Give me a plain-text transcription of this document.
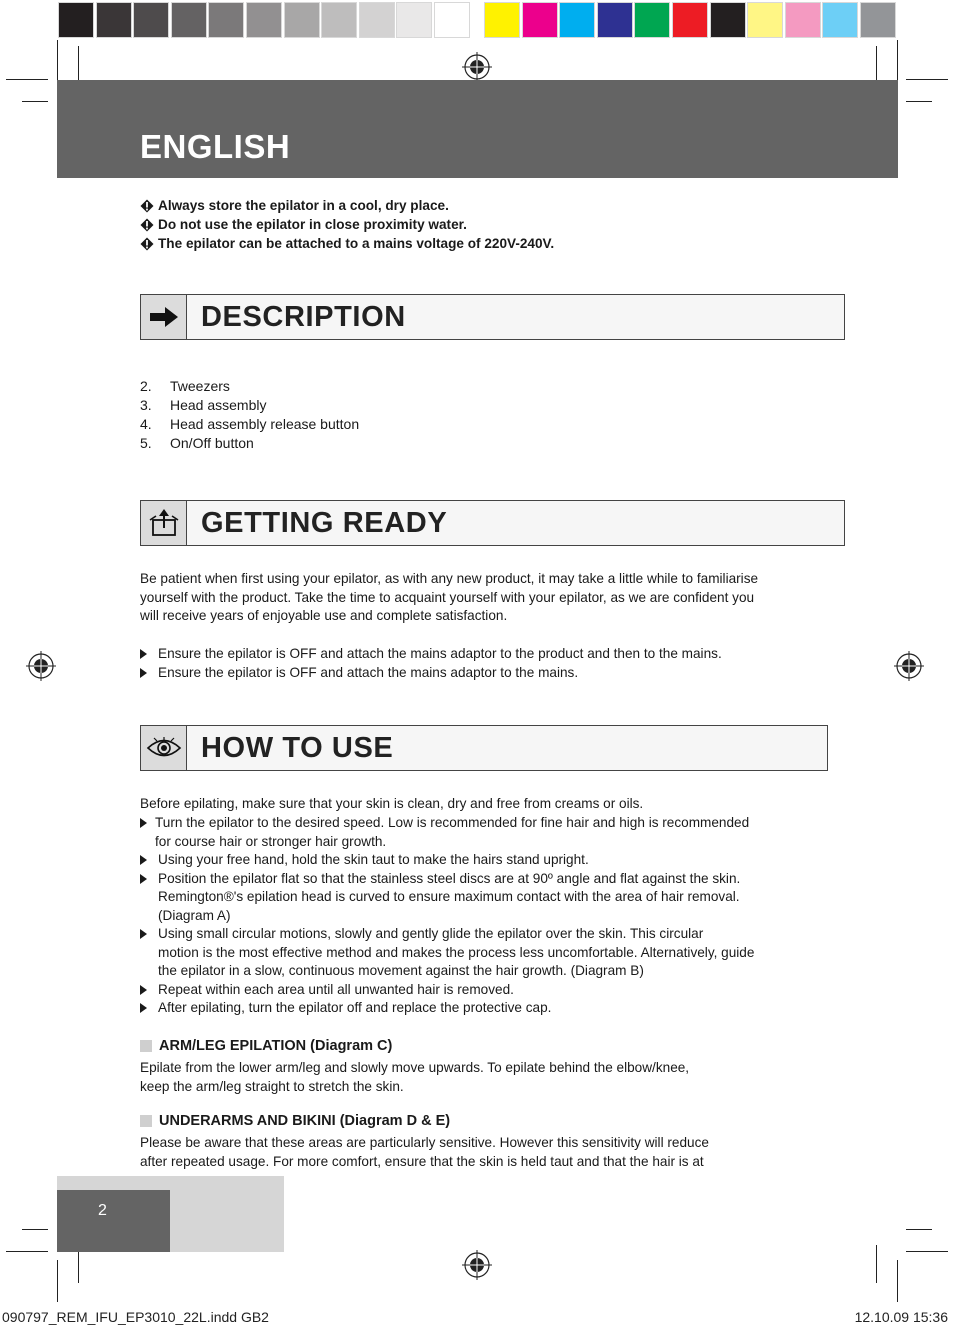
ENGLISH
Always store the epilator in a cool, dry place.
Do not use the epilator in close proximity water.
The epilator can be attached to a mains voltage of 220V-240V.
DESCRIPTION
2.	Tweezers
3.	Head assembly
4.	Head assembly release button
5.	On/Off button
GETTING READY
Be patient when first using your epilator, as with any new product, it may take a little while to familiarise
yourself with the product. Take the time to acquaint yourself with your epilator, as we are confident you
will receive years of enjoyable use and complete satisfaction.
Ensure the epilator is OFF and attach the mains adaptor to the product and then to the mains.
Ensure the epilator is OFF and attach the mains adaptor to the mains.
HOW TO USE
Before epilating, make sure that your skin is clean, dry and free from creams or oils.
Turn the epilator to the desired speed. Low is recommended for fine hair and high is recommended
for course hair or stronger hair growth.
Using your free hand, hold the skin taut to make the hairs stand upright.
Position the epilator flat so that the stainless steel discs are at 90º angle and flat against the skin.
Remington®'s epilation head is curved to ensure maximum contact with the area of hair removal.
(Diagram A)
Using small circular motions, slowly and gently glide the epilator over the skin. This circular
motion is the most effective method and makes the process less uncomfortable. Alternatively, guide
the epilator in a slow, continuous movement against the hair growth. (Diagram B)
Repeat within each area until all unwanted hair is removed.
After epilating, turn the epilator off and replace the protective cap.
ARM/LEG EPILATION (Diagram C)
Epilate from the lower arm/leg and slowly move upwards. To epilate behind the elbow/knee,
keep the arm/leg straight to stretch the skin.
UNDERARMS AND BIKINI (Diagram D & E)
Please be aware that these areas are particularly sensitive. However this sensitivity will reduce
after repeated usage. For more comfort, ensure that the skin is held taut and that the hair is at
2
090797_REM_IFU_EP3010_22L.indd GB2	12.10.09 15:36
